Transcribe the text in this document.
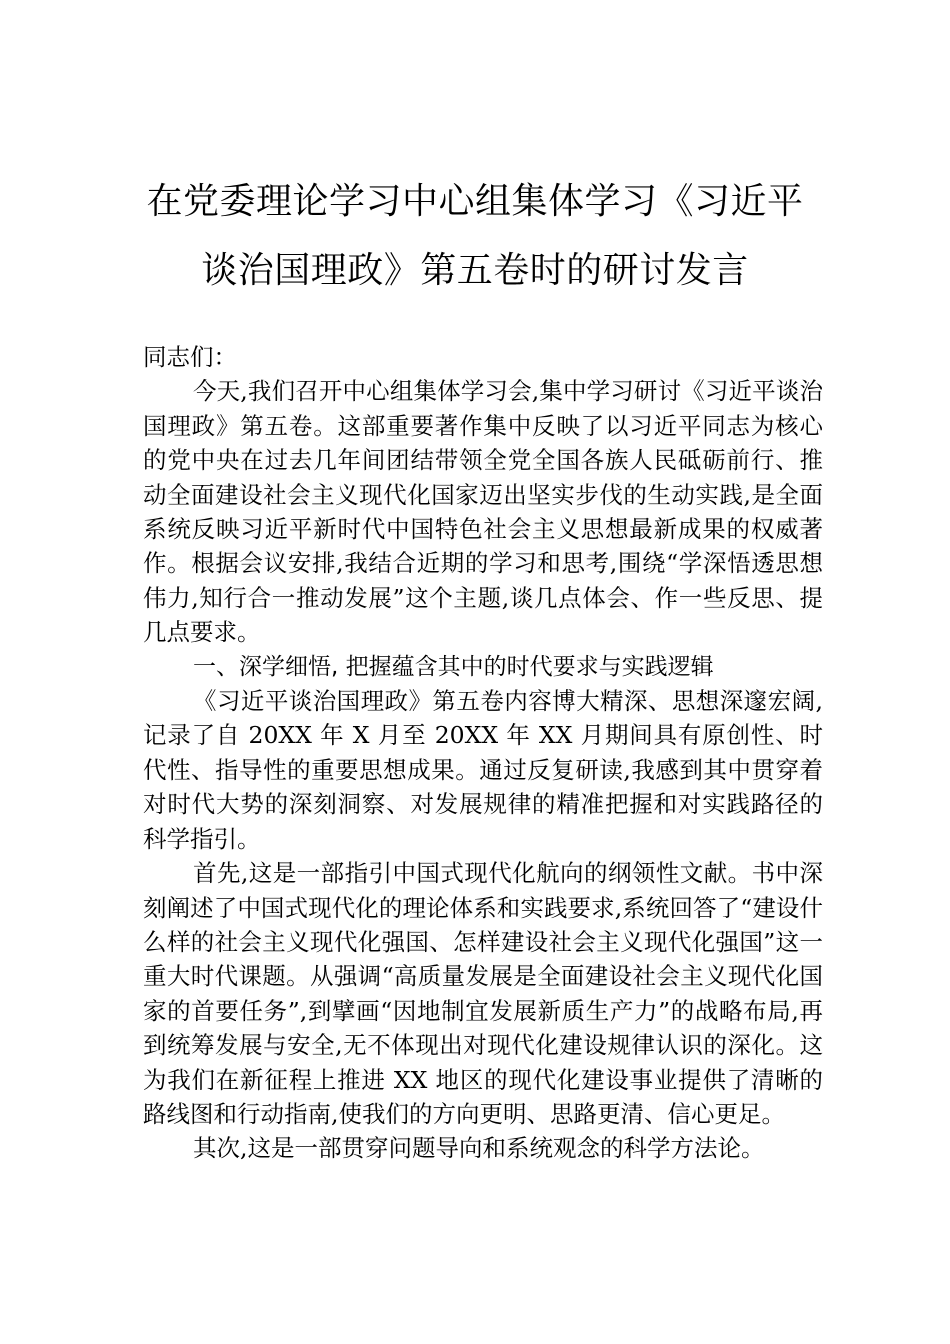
在党委理论学习中心组集体学习《习近平
谈治国理政》第五卷时的研讨发言

同志们：

今天,我们召开中心组集体学习会,集中学习研讨《习近平谈治国理政》第五卷。这部重要著作集中反映了以习近平同志为核心的党中央在过去几年间团结带领全党全国各族人民砥砺前行、推动全面建设社会主义现代化国家迈出坚实步伐的生动实践,是全面系统反映习近平新时代中国特色社会主义思想最新成果的权威著作。根据会议安排,我结合近期的学习和思考,围绕“学深悟透思想伟力,知行合一推动发展”这个主题,谈几点体会、作一些反思、提几点要求。

一、深学细悟, 把握蕴含其中的时代要求与实践逻辑

《习近平谈治国理政》第五卷内容博大精深、思想深邃宏阔,记录了自 20XX 年 X 月至 20XX 年 XX 月期间具有原创性、时代性、指导性的重要思想成果。通过反复研读,我感到其中贯穿着对时代大势的深刻洞察、对发展规律的精准把握和对实践路径的科学指引。

首先,这是一部指引中国式现代化航向的纲领性文献。书中深刻阐述了中国式现代化的理论体系和实践要求,系统回答了“建设什么样的社会主义现代化强国、怎样建设社会主义现代化强国”这一重大时代课题。从强调“高质量发展是全面建设社会主义现代化国家的首要任务”,到擘画“因地制宜发展新质生产力”的战略布局,再到统筹发展与安全,无不体现出对现代化建设规律认识的深化。这为我们在新征程上推进 XX 地区的现代化建设事业提供了清晰的路线图和行动指南,使我们的方向更明、思路更清、信心更足。

其次,这是一部贯穿问题导向和系统观念的科学方法论。
